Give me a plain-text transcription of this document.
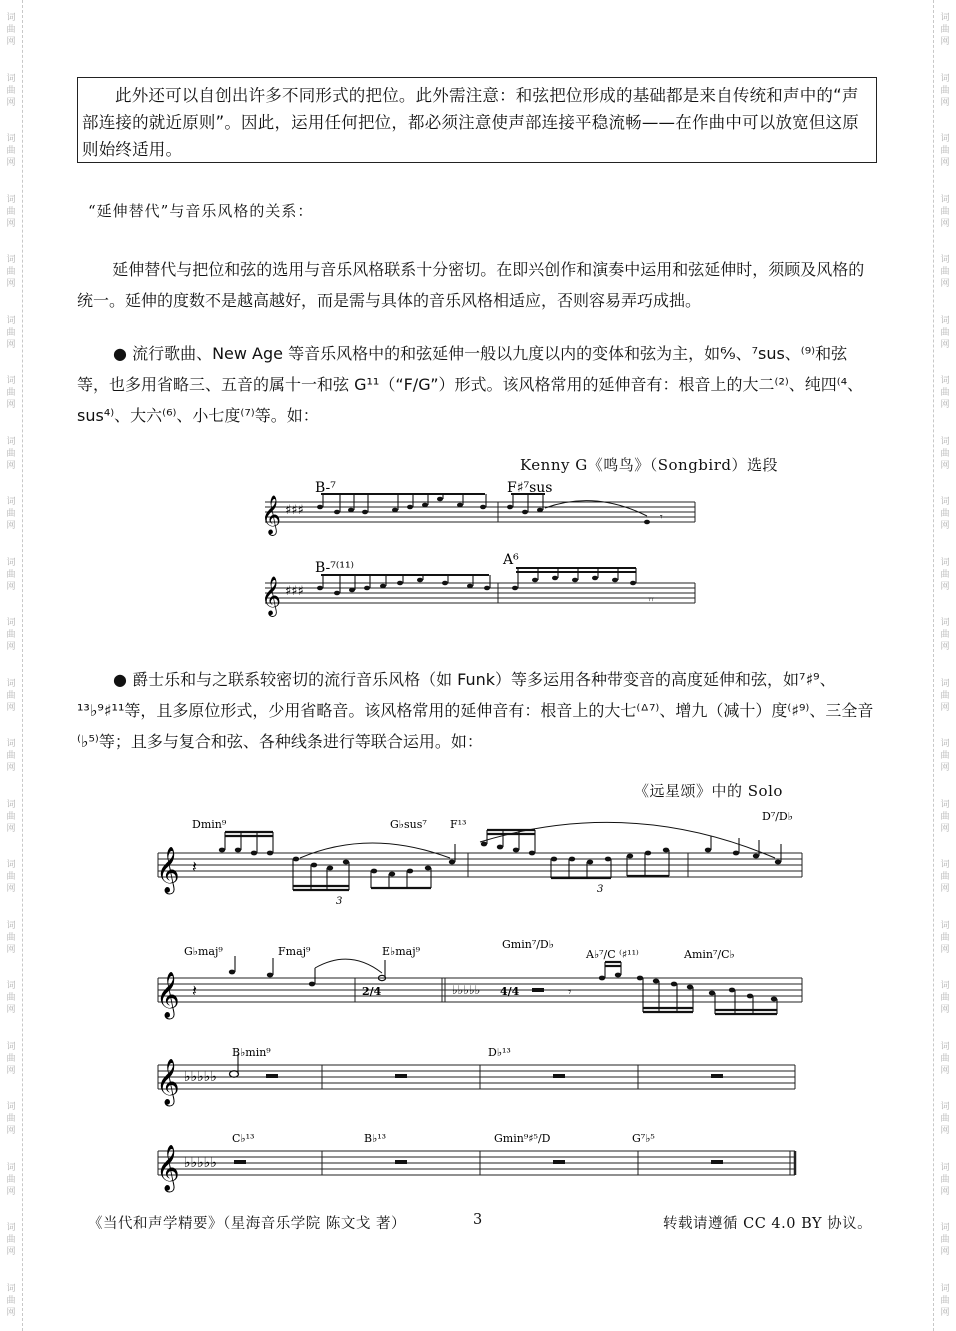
词
曲
网
词
曲
网
词
曲
网
词
曲
网
词
曲
网
词
曲
网
词
曲
网
词
曲
网
词
曲
网
词
曲
网
词
曲
网
词
曲
网
词
曲
网
词
曲
网
词
曲
网
词
曲
网
词
曲
网
词
曲
网
词
曲
网
词
曲
网
词
曲
网
词
曲
网
词
曲
网
词
曲
网
词
曲
网
词
曲
网
词
曲
网
词
曲
网
词
曲
网
词
曲
网
词
曲
网
词
曲
网
词
曲
网
词
曲
网
词
曲
网
词
曲
网
词
曲
网
词
曲
网
词
曲
网
词
曲
网
词
曲
网
词
曲
网
词
曲
网
词
曲
网
此外还可以自创出许多不同形式的把位。此外需注意：和弦把位形成的基础都是来自传统和声中的“声部连接的就近原则”。因此，运用任何把位，都必须注意使声部连接平稳流畅——在作曲中可以放宽但这原则始终适用。
“延伸替代”与音乐风格的关系：
延伸替代与把位和弦的选用与音乐风格联系十分密切。在即兴创作和演奏中运用和弦延伸时，须顾及风格的统一。延伸的度数不是越高越好，而是需与具体的音乐风格相适应，否则容易弄巧成拙。
● 流行歌曲、New Age 等音乐风格中的和弦延伸一般以九度以内的变体和弦为主，如⁶⁄₉、⁷sus、⁽⁹⁾和弦等，也多用省略三、五音的属十一和弦 G¹¹（“F/G”）形式。该风格常用的延伸音有：根音上的大二⁽²⁾、纯四⁽⁴、sus⁴⁾、大六⁽⁶⁾、小七度⁽⁷⁾等。如：
Kenny G《鸣鸟》（Songbird）选段
𝄞 ♯♯♯
𝄞 ♯♯♯
𝄾
𝄾𝄾
B-⁷	F♯⁷sus
B-⁷⁽¹¹⁾	A⁶
● 爵士乐和与之联系较密切的流行音乐风格（如 Funk）等多运用各种带变音的高度延伸和弦，如⁷♯⁹、¹³♭⁹♯¹¹等，且多原位形式，少用省略音。该风格常用的延伸音有：根音上的大七⁽ᐞ⁷⁾、增九（减十）度⁽♯⁹⁾、三全音⁽♭⁵⁾等；且多与复合和弦、各种线条进行等联合运用。如：
《远星颂》中的 Solo
𝄞
𝄞
𝄞 ♭♭♭♭♭
𝄞 ♭♭♭♭♭
𝄽
3
3
𝄽	2/4	♭♭♭♭♭ 4/4	𝄾
Dmin⁹	G♭sus⁷ F¹³
D⁷/D♭
G♭maj⁹	Fmaj⁹	E♭maj⁹
Gmin⁷/D♭
A♭⁷/C ⁽♯¹¹⁾	Amin⁷/C♭
B♭min⁹	D♭¹³
C♭¹³	B♭¹³	Gmin⁹♯⁵/D	G⁷♭⁵
《当代和声学精要》（星海音乐学院 陈文戈 著）	3	转载请遵循 CC 4.0 BY 协议。
